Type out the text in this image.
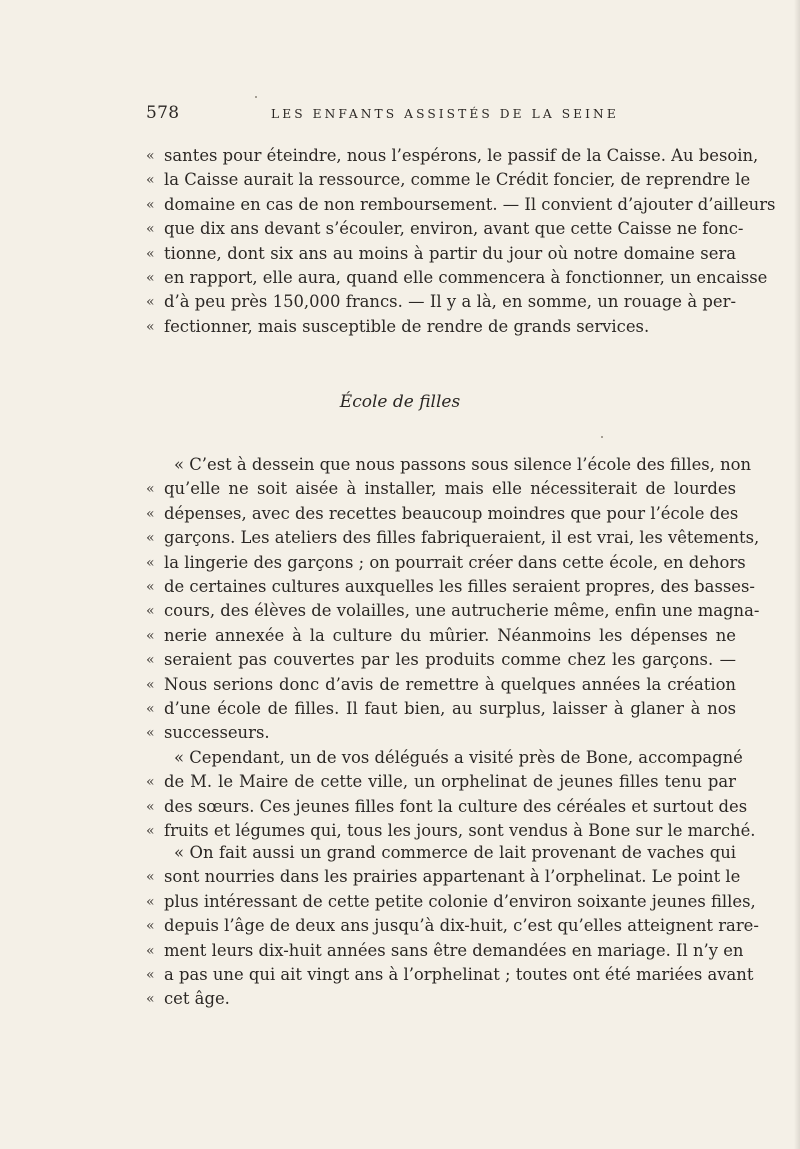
578	LES ENFANTS ASSISTÉS DE LA SEINE
« santes pour éteindre, nous l’espérons, le passif de la Caisse. Au besoin,
« la Caisse aurait la ressource, comme le Crédit foncier, de reprendre le
« domaine en cas de non remboursement. — Il convient d’ajouter d’ailleurs
« que dix ans devant s’écouler, environ, avant que cette Caisse ne fonc-
« tionne, dont six ans au moins à partir du jour où notre domaine sera
« en rapport, elle aura, quand elle commencera à fonctionner, un encaisse
« d’à peu près 150,000 francs. — Il y a là, en somme, un rouage à per-
« fectionner, mais susceptible de rendre de grands services.
École de filles
« C’est à dessein que nous passons sous silence l’école des filles, non
« qu’elle ne soit aisée à installer, mais elle nécessiterait de lourdes
« dépenses, avec des recettes beaucoup moindres que pour l’école des
« garçons. Les ateliers des filles fabriqueraient, il est vrai, les vêtements,
« la lingerie des garçons ; on pourrait créer dans cette école, en dehors
« de certaines cultures auxquelles les filles seraient propres, des basses-
« cours, des élèves de volailles, une autrucherie même, enfin une magna-
« nerie annexée à la culture du mûrier. Néanmoins les dépenses ne
« seraient pas couvertes par les produits comme chez les garçons. —
« Nous serions donc d’avis de remettre à quelques années la création
« d’une école de filles. Il faut bien, au surplus, laisser à glaner à nos
« successeurs.
« Cependant, un de vos délégués a visité près de Bone, accompagné
« de M. le Maire de cette ville, un orphelinat de jeunes filles tenu par
« des sœurs. Ces jeunes filles font la culture des céréales et surtout des
« fruits et légumes qui, tous les jours, sont vendus à Bone sur le marché.
« On fait aussi un grand commerce de lait provenant de vaches qui
« sont nourries dans les prairies appartenant à l’orphelinat. Le point le
« plus intéressant de cette petite colonie d’environ soixante jeunes filles,
« depuis l’âge de deux ans jusqu’à dix-huit, c’est qu’elles atteignent rare-
« ment leurs dix-huit années sans être demandées en mariage. Il n’y en
« a pas une qui ait vingt ans à l’orphelinat ; toutes ont été mariées avant
« cet âge.
